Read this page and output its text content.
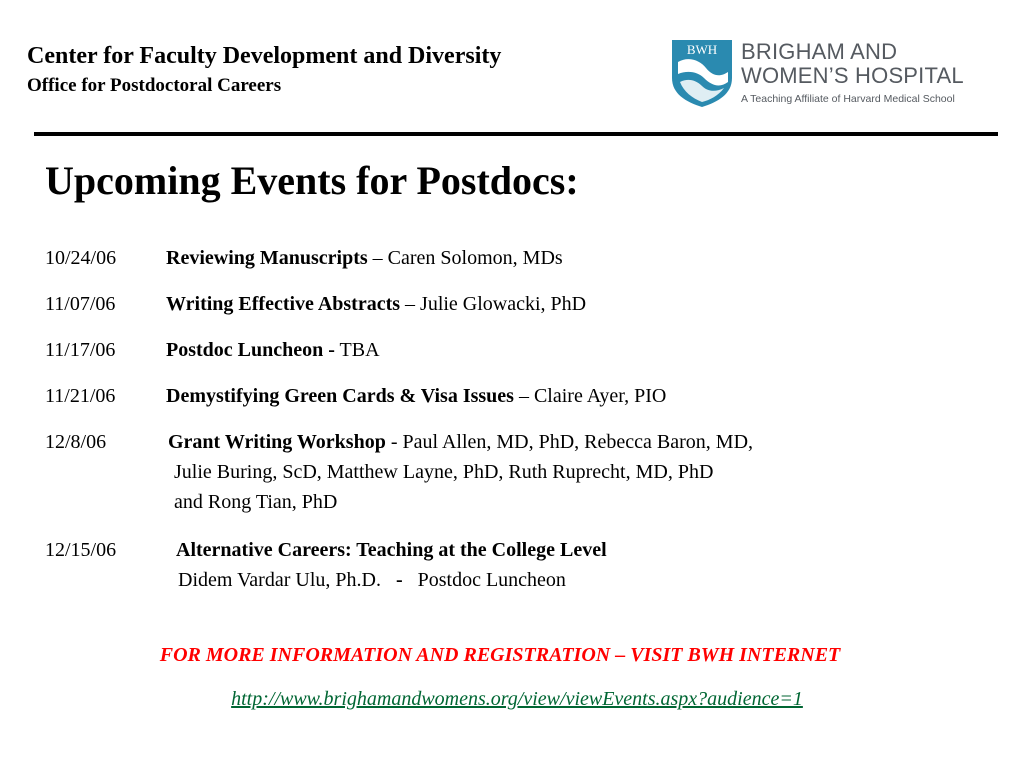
Center for Faculty Development and Diversity
Office for Postdoctoral Careers
BWH BRIGHAM AND
WOMEN’S HOSPITAL
A Teaching Affiliate of Harvard Medical School
Upcoming Events for Postdocs:
10/24/06 Reviewing Manuscripts – Caren Solomon, MDs
11/07/06	Writing Effective Abstracts – Julie Glowacki, PhD
11/17/06	Postdoc Luncheon - TBA
11/21/06	Demystifying Green Cards & Visa Issues – Claire Ayer, PIO
12/8/06	Grant Writing Workshop - Paul Allen, MD, PhD, Rebecca Baron, MD,
Julie Buring, ScD, Matthew Layne, PhD, Ruth Ruprecht, MD, PhD
and Rong Tian, PhD
12/15/06	Alternative Careers: Teaching at the College Level
Didem Vardar Ulu, Ph.D. - Postdoc Luncheon
FOR MORE INFORMATION AND REGISTRATION – VISIT BWH INTERNET
http://www.brighamandwomens.org/view/viewEvents.aspx?audience=1
